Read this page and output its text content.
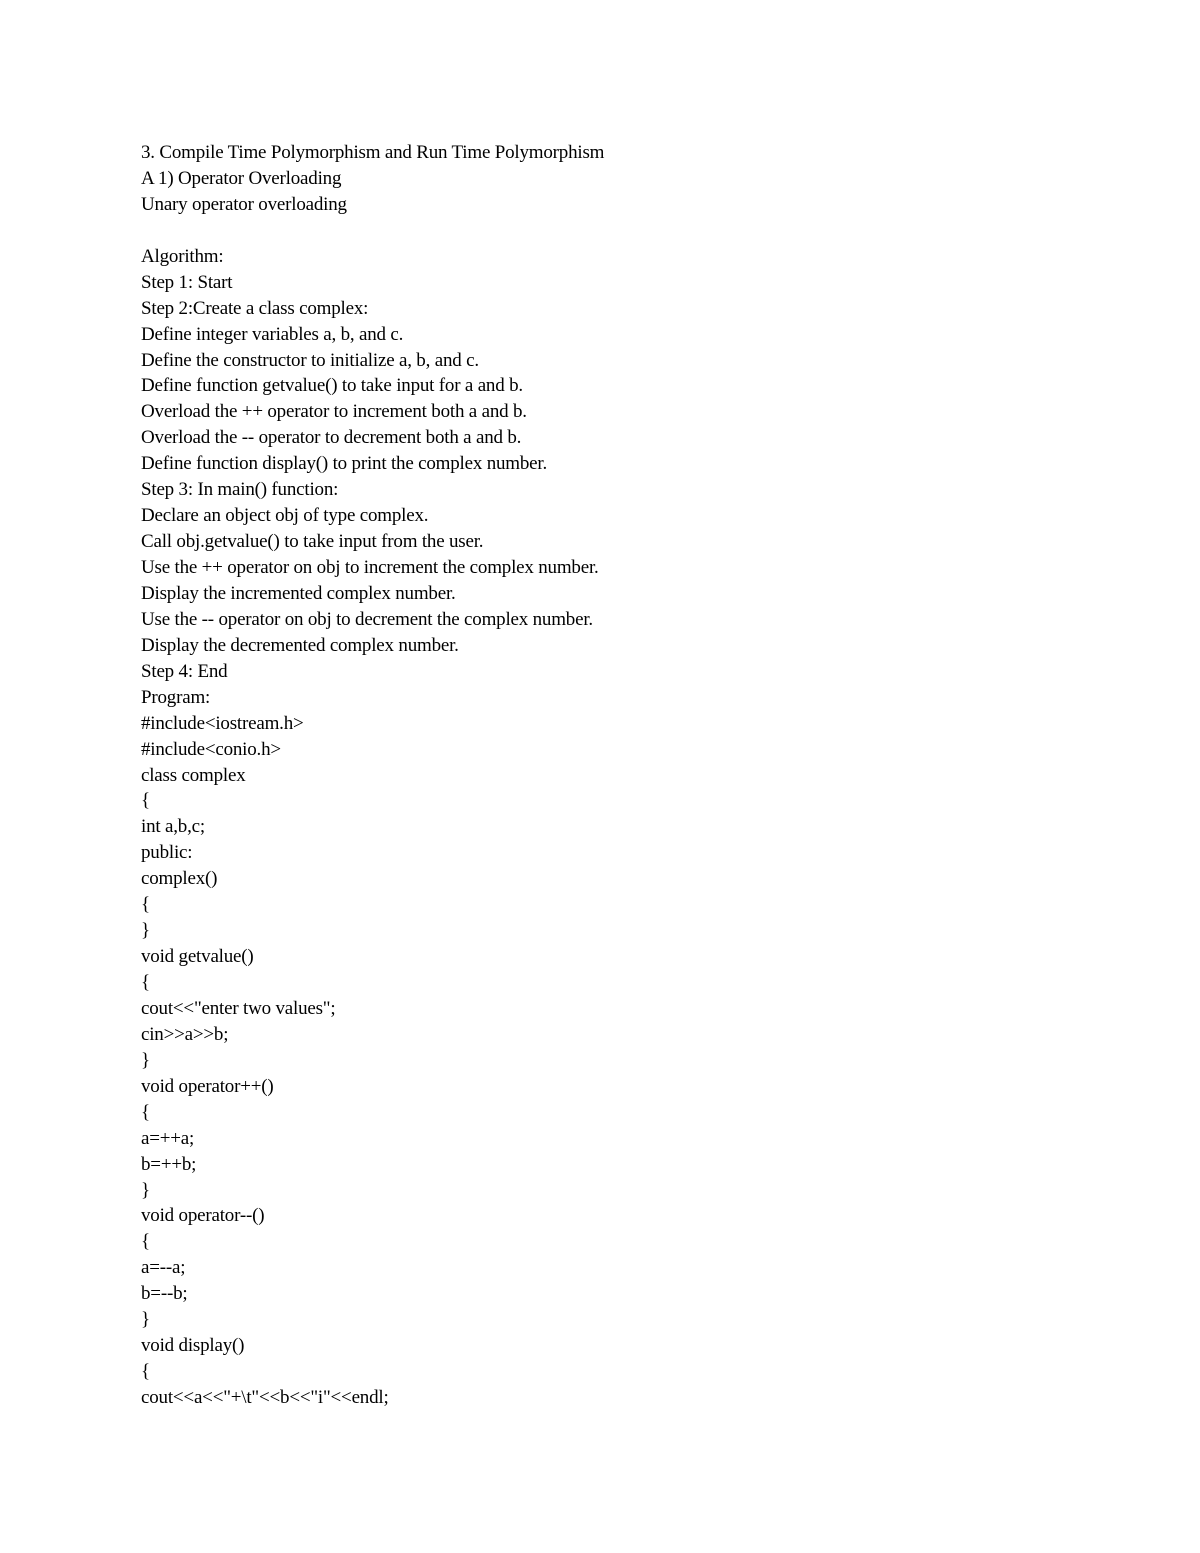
3. Compile Time Polymorphism and Run Time Polymorphism
A 1) Operator Overloading
Unary operator overloading
Algorithm:
Step 1: Start
Step 2:Create a class complex:
Define integer variables a, b, and c.
Define the constructor to initialize a, b, and c.
Define function getvalue() to take input for a and b.
Overload the ++ operator to increment both a and b.
Overload the -- operator to decrement both a and b.
Define function display() to print the complex number.
Step 3: In main() function:
Declare an object obj of type complex.
Call obj.getvalue() to take input from the user.
Use the ++ operator on obj to increment the complex number.
Display the incremented complex number.
Use the -- operator on obj to decrement the complex number.
Display the decremented complex number.
Step 4: End
Program:
#include<iostream.h>
#include<conio.h>
class complex
{
int a,b,c;
public:
complex()
{
}
void getvalue()
{
cout<<"enter two values";
cin>>a>>b;
}
void operator++()
{
a=++a;
b=++b;
}
void operator--()
{
a=--a;
b=--b;
}
void display()
{
cout<<a<<"+\t"<<b<<"i"<<endl;
